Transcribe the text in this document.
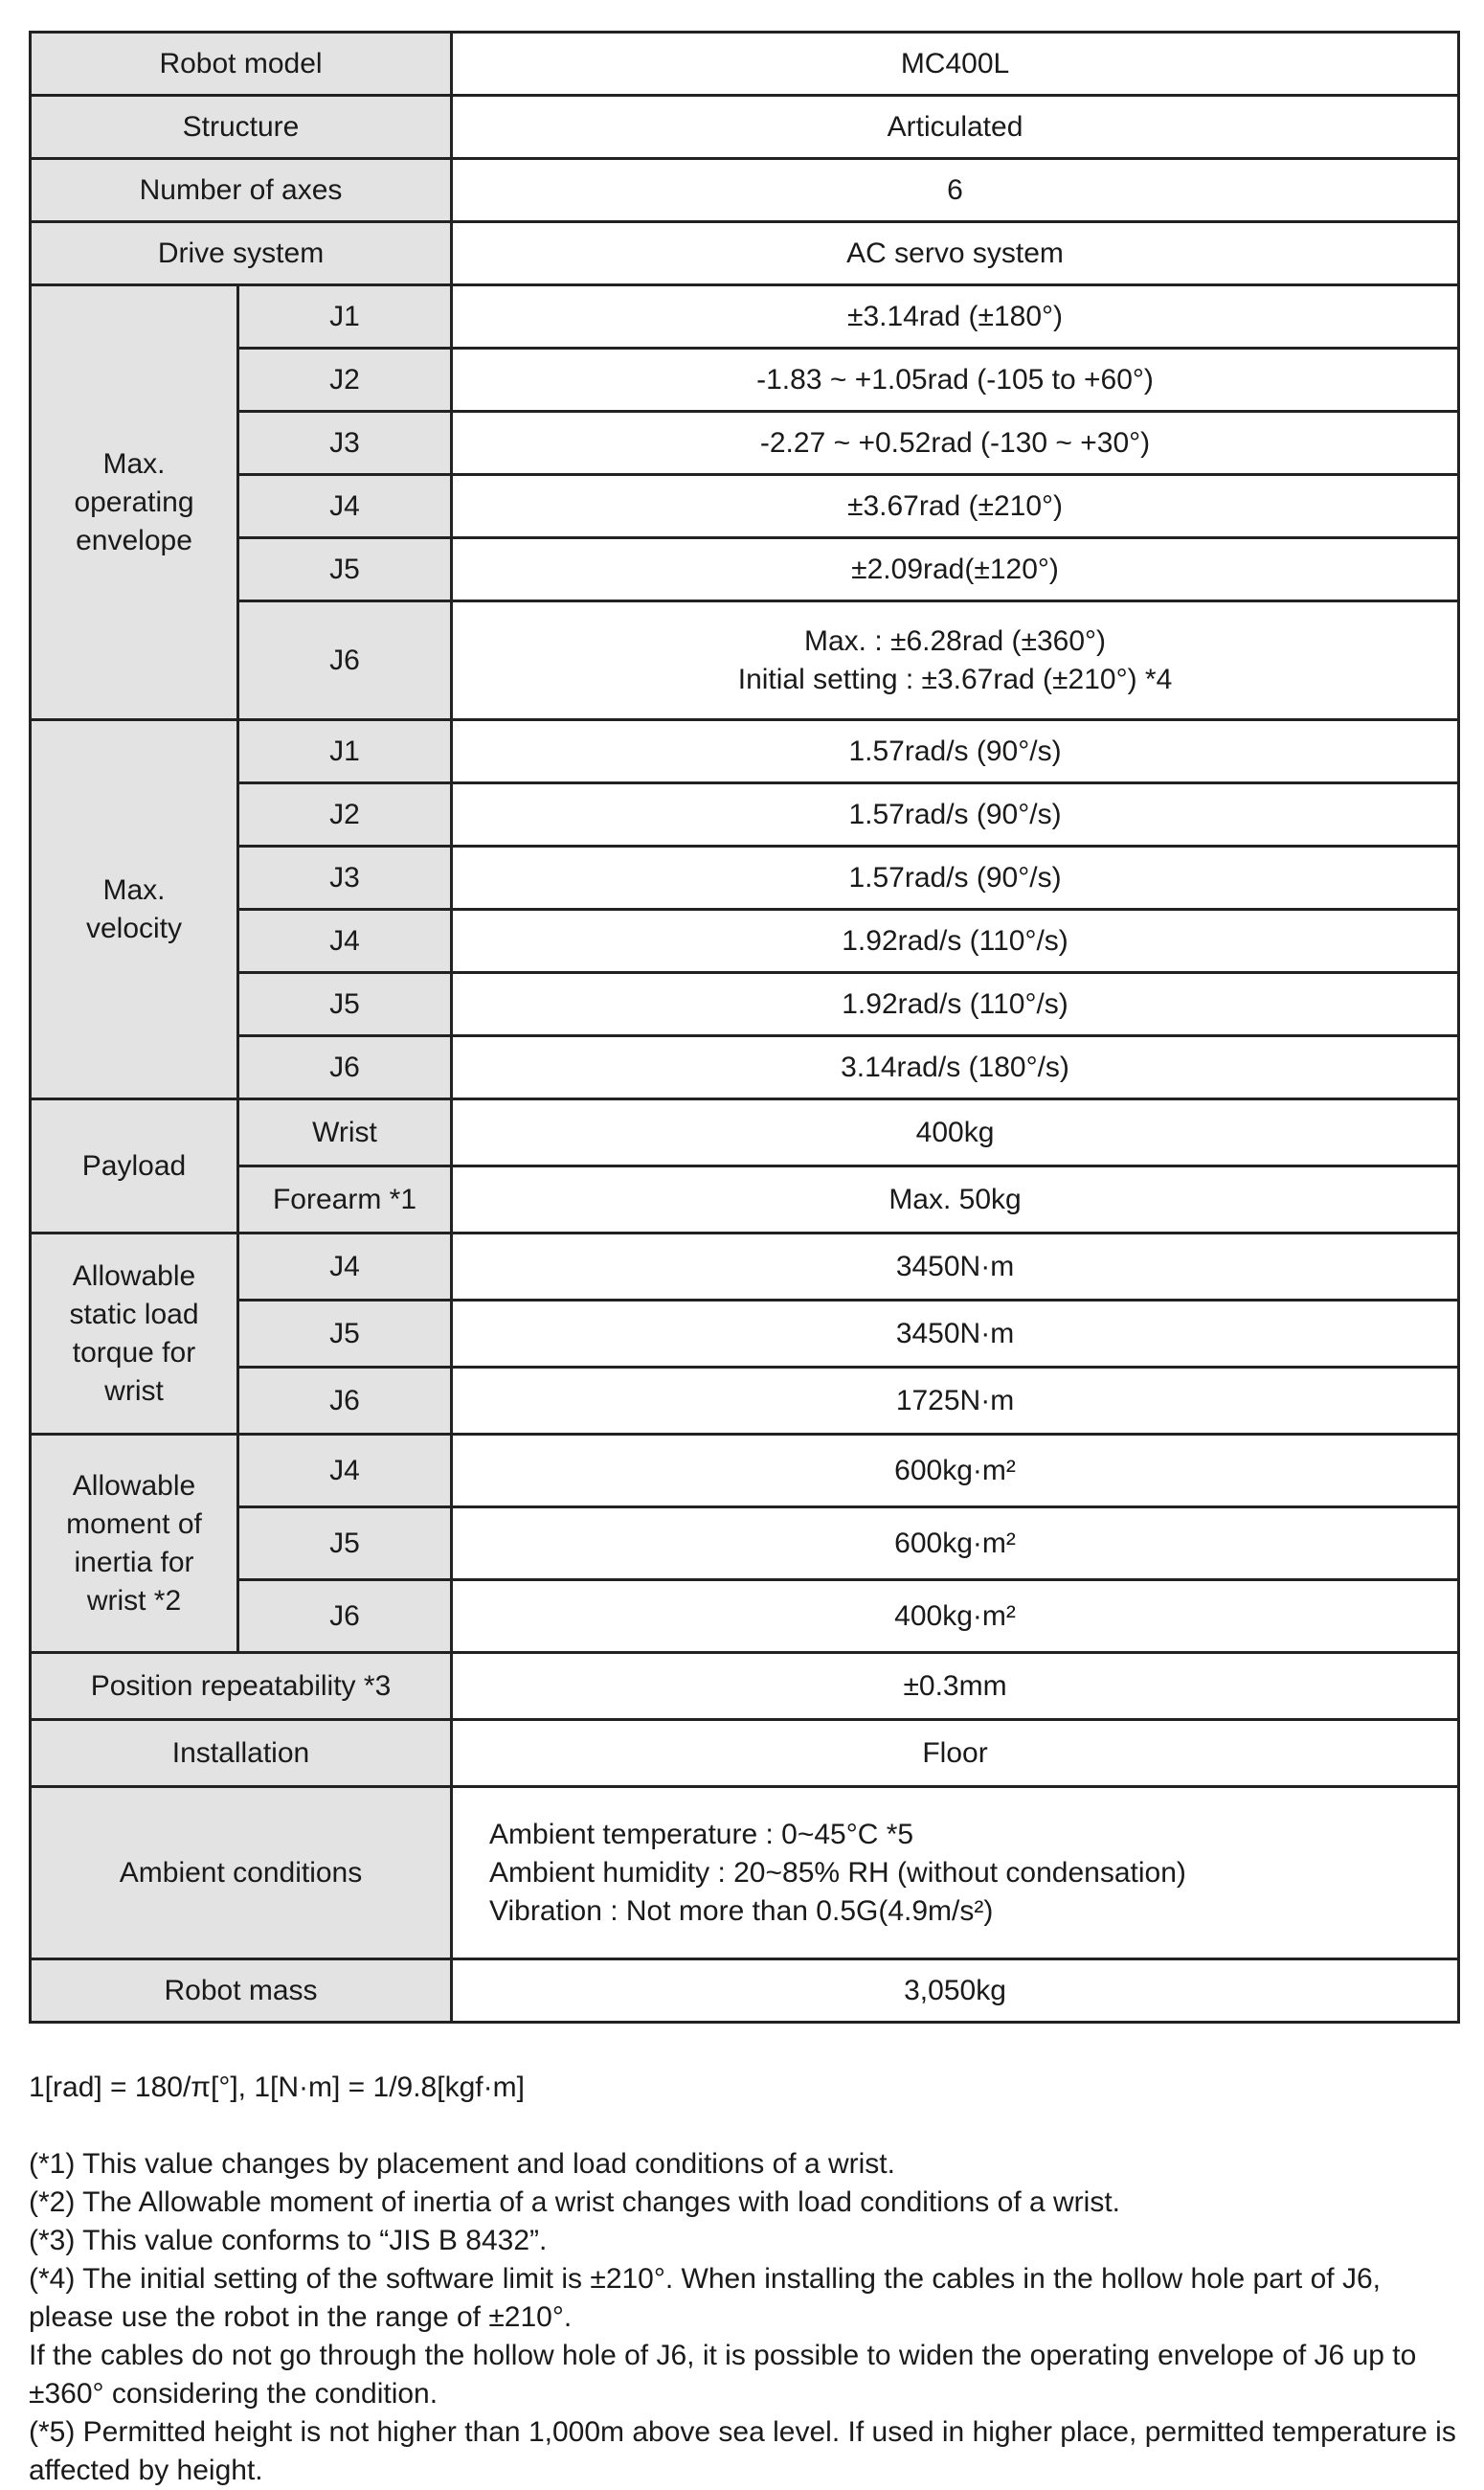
Robot model		MC400L
Structure		Articulated
Number of axes		6
Drive system		AC servo system
Max.
operating
envelope	J1	±3.14rad (±180°)
	J2	-1.83 ~ +1.05rad (-105 to +60°)
	J3	-2.27 ~ +0.52rad (-130 ~ +30°)
	J4	±3.67rad (±210°)
	J5	±2.09rad(±120°)
	J6	Max. : ±6.28rad (±360°)
Initial setting : ±3.67rad (±210°) *4
Max.
velocity	J1	1.57rad/s (90°/s)
	J2	1.57rad/s (90°/s)
	J3	1.57rad/s (90°/s)
	J4	1.92rad/s (110°/s)
	J5	1.92rad/s (110°/s)
	J6	3.14rad/s (180°/s)
Payload	Wrist	400kg
	Forearm *1	Max. 50kg
Allowable
static load
torque for
wrist	J4	3450N·m
	J5	3450N·m
	J6	1725N·m
Allowable
moment of
inertia for
wrist *2	J4	600kg·m²
	J5	600kg·m²
	J6	400kg·m²
Position repeatability *3		±0.3mm
Installation		Floor
Ambient conditions		Ambient temperature : 0~45°C *5
Ambient humidity : 20~85% RH (without condensation)
Vibration : Not more than 0.5G(4.9m/s²)
Robot mass		3,050kg

1[rad] = 180/π[°], 1[N·m] = 1/9.8[kgf·m]

(*1) This value changes by placement and load conditions of a wrist.

(*2) The Allowable moment of inertia of a wrist changes with load conditions of a wrist.

(*3) This value conforms to “JIS B 8432”.

(*4) The initial setting of the software limit is ±210°. When installing the cables in the hollow hole part of J6, please use the robot in the range of ±210°.

If the cables do not go through the hollow hole of J6, it is possible to widen the operating envelope of J6 up to ±360° considering the condition.

(*5) Permitted height is not higher than 1,000m above sea level. If used in higher place, permitted temperature is affected by height.
